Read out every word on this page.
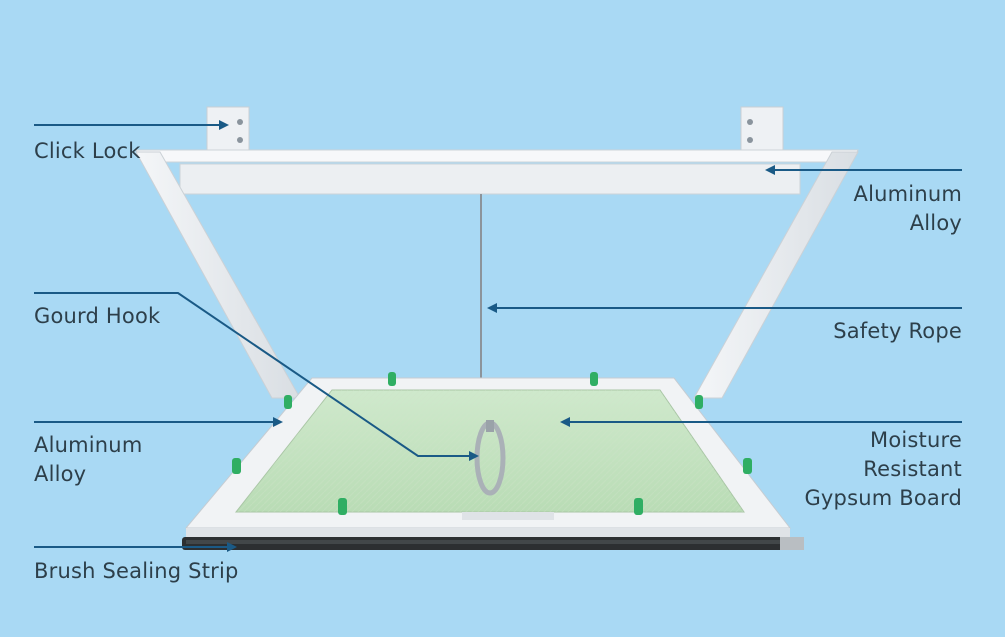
Click Lock
Aluminum
Alloy
Gourd Hook
Safety Rope
Aluminum
Alloy
Moisture
Resistant
Gypsum Board
Brush Sealing Strip
